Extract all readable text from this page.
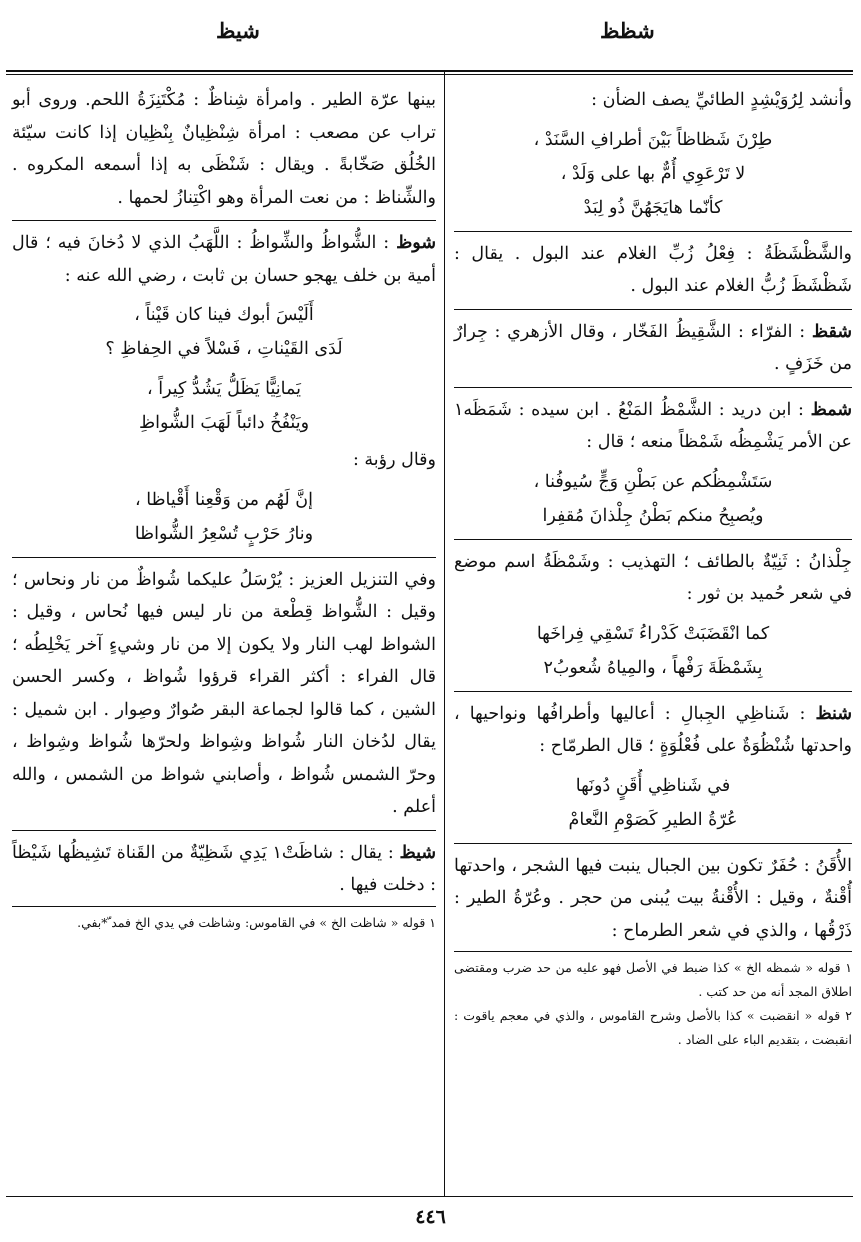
شظظ
شيظ

وأنشد لِرُوَيْشِدٍ الطائيِّ يصف الضأن :

طِرْنَ شَظاظاً بَيْنَ أطرافِ السَّنَدْ ،
لا تَرْعَوِي أُمٌّ بها على وَلَدْ ،
كأنّما هايَجَهُنَّ ذُو لِبَدْ

والشَّظْشَظَةُ : فِعْلُ زُبِّ الغلام عند البول . يقال : شَظْشَظَ زُبُّ الغلام عند البول .

شقظ : الفرّاء : الشَّقِيظُ الفَخّار ، وقال الأزهري : جِرارٌ من خَزَفٍ .

شمظ : ابن دريد : الشَّمْظُ المَنْعُ . ابن سيده : شَمَظَه١ عن الأمر يَشْمِظُه شَمْظاً منعه ؛ قال :

سَتَشْمِظُكم عن بَطْنِ وَجٍّ سُيوفُنا ،
ويُصبِحُ منكم بَطْنُ جِلْذانَ مُقفِرا

جِلْذانُ : ثَنِيّةٌ بالطائف ؛ التهذيب : وشَمْظَةُ اسم موضع في شعر حُميد بن ثور :

كما انْقَضَبَتْ كَدْراءُ تَسْقِي فِراخَها
بِشَمْظَةَ رَفْهاً ، والمِياهُ شُعوبُ٢

شنظ : شَناظِي الجِبالِ : أعاليها وأطرافُها ونواحيها ، واحدتها شُنْظُوَةٌ على فُعْلُوَةٍ ؛ قال الطرمّاح :

في شَناظِي أُقَنٍ دُونَها
عُرّةُ الطيرِ كَصَوْمِ النَّعامْ

الأُقَنُ : حُفَرٌ تكون بين الجبال ينبت فيها الشجر ، واحدتها أُقْنةٌ ، وقيل : الأُقْنةُ بيت يُبنى من حجر . وعُرّةُ الطير : ذَرْقُها ، والذي في شعر الطرماح :

١ قوله « شمظه الخ » كذا ضبط في الأصل فهو عليه من حد ضرب ومقتضى اطلاق المجد أنه من حد كتب .
٢ قوله « انقضبت » كذا بالأصل وشرح القاموس ، والذي في معجم ياقوت : انقبضت ، بتقديم الباء على الضاد .

بينها عرّة الطير . وامرأة شِناظٌ : مُكْتَنِزَةُ اللحم. وروى أبو تراب عن مصعب : امرأة شِنْظِيانٌ بِنْظِيان إذا كانت سيّئة الخُلُق صَخّابةً . ويقال : شَنْظَى به إذا أسمعه المكروه . والشِّناظ : من نعت المرأة وهو اكْتِنازُ لحمها .

شوظ : الشُّواظُ والشِّواظُ : اللَّهَبُ الذي لا دُخانَ فيه ؛ قال أمية بن خلف يهجو حسان بن ثابت ، رضي الله عنه :

أَلَيْسَ أبوك فينا كان قَيْناً ،
لَدَى القَيْناتِ ، فَسْلاً في الحِفاظِ ؟
يَمانِيًّا يَظَلُّ يَشُدُّ كِيراً ،
ويَنْفُخُ دائباً لَهَبَ الشُّواظِ

وقال رؤبة :

إنَّ لَهُم من وَقْعِنا أَقْياظا ،
ونارُ حَرْبٍ تُسْعِرُ الشُّواظا

وفي التنزيل العزيز : يُرْسَلُ عليكما شُواظٌ من نار ونحاس ؛ وقيل : الشُّواظ قِطْعة من نار ليس فيها نُحاس ، وقيل : الشواظ لهب النار ولا يكون إلا من نار وشيءٍ آخر يَخْلِطُه ؛ قال الفراء : أكثر القراء قرؤوا شُواظ ، وكسر الحسن الشين ، كما قالوا لجماعة البقر صُوارٌ وصِوار . ابن شميل : يقال لدُخان النار شُواظ وشِواظ ولحرّها شُواظ وشِواظ ، وحرّ الشمس شُواظ ، وأصابني شواظ من الشمس ، والله أعلم .

شيظ : يقال : شاظَتْ١ يَدِي شَظِيّةٌ من القَناة تَشِيظُها شَيْظاً : دخلت فيها .

١ قوله « شاظت الخ » في القاموس: وشاظت في يدي الخ فمد ّ*بفي.
٤٤٦
